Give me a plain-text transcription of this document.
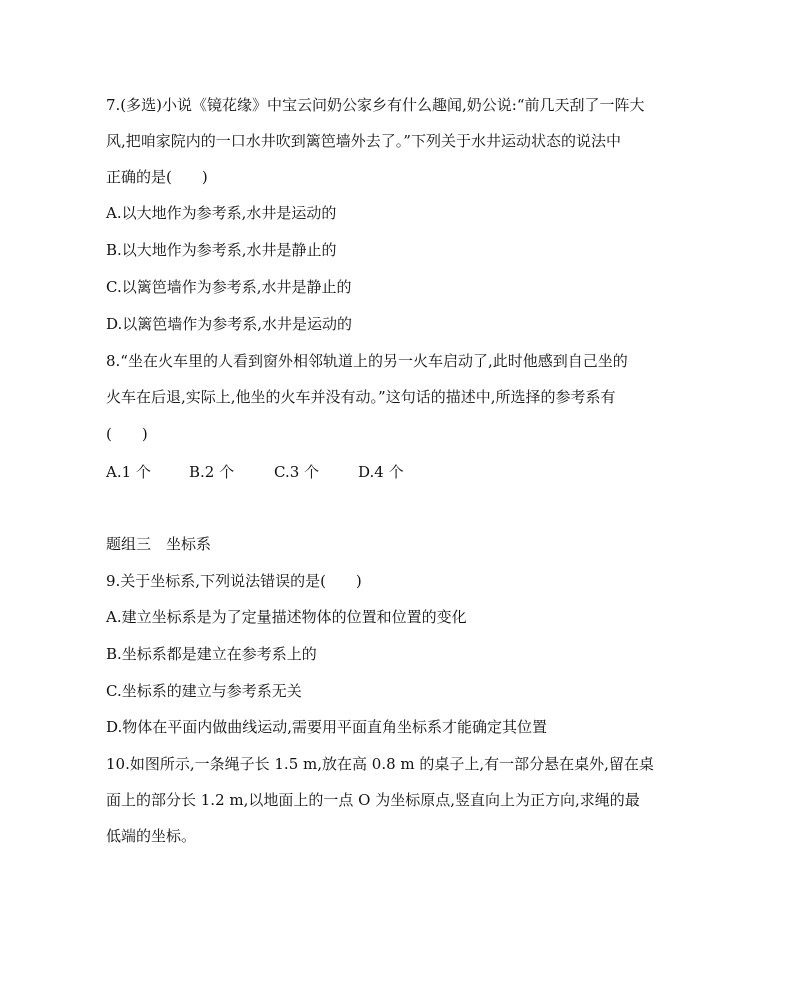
7.(多选)小说《镜花缘》中宝云问奶公家乡有什么趣闻,奶公说:“前几天刮了一阵大
风,把咱家院内的一口水井吹到篱笆墙外去了。”下列关于水井运动状态的说法中
正确的是(　　)
A.以大地作为参考系,水井是运动的
B.以大地作为参考系,水井是静止的
C.以篱笆墙作为参考系,水井是静止的
D.以篱笆墙作为参考系,水井是运动的
8.“坐在火车里的人看到窗外相邻轨道上的另一火车启动了,此时他感到自己坐的
火车在后退,实际上,他坐的火车并没有动。”这句话的描述中,所选择的参考系有
(　　)
A.1 个	B.2 个	C.3 个	D.4 个
题组三　坐标系
9.关于坐标系,下列说法错误的是(　　)
A.建立坐标系是为了定量描述物体的位置和位置的变化
B.坐标系都是建立在参考系上的
C.坐标系的建立与参考系无关
D.物体在平面内做曲线运动,需要用平面直角坐标系才能确定其位置
10.如图所示,一条绳子长 1.5 m,放在高 0.8 m 的桌子上,有一部分悬在桌外,留在桌
面上的部分长 1.2 m,以地面上的一点 O 为坐标原点,竖直向上为正方向,求绳的最
低端的坐标。
